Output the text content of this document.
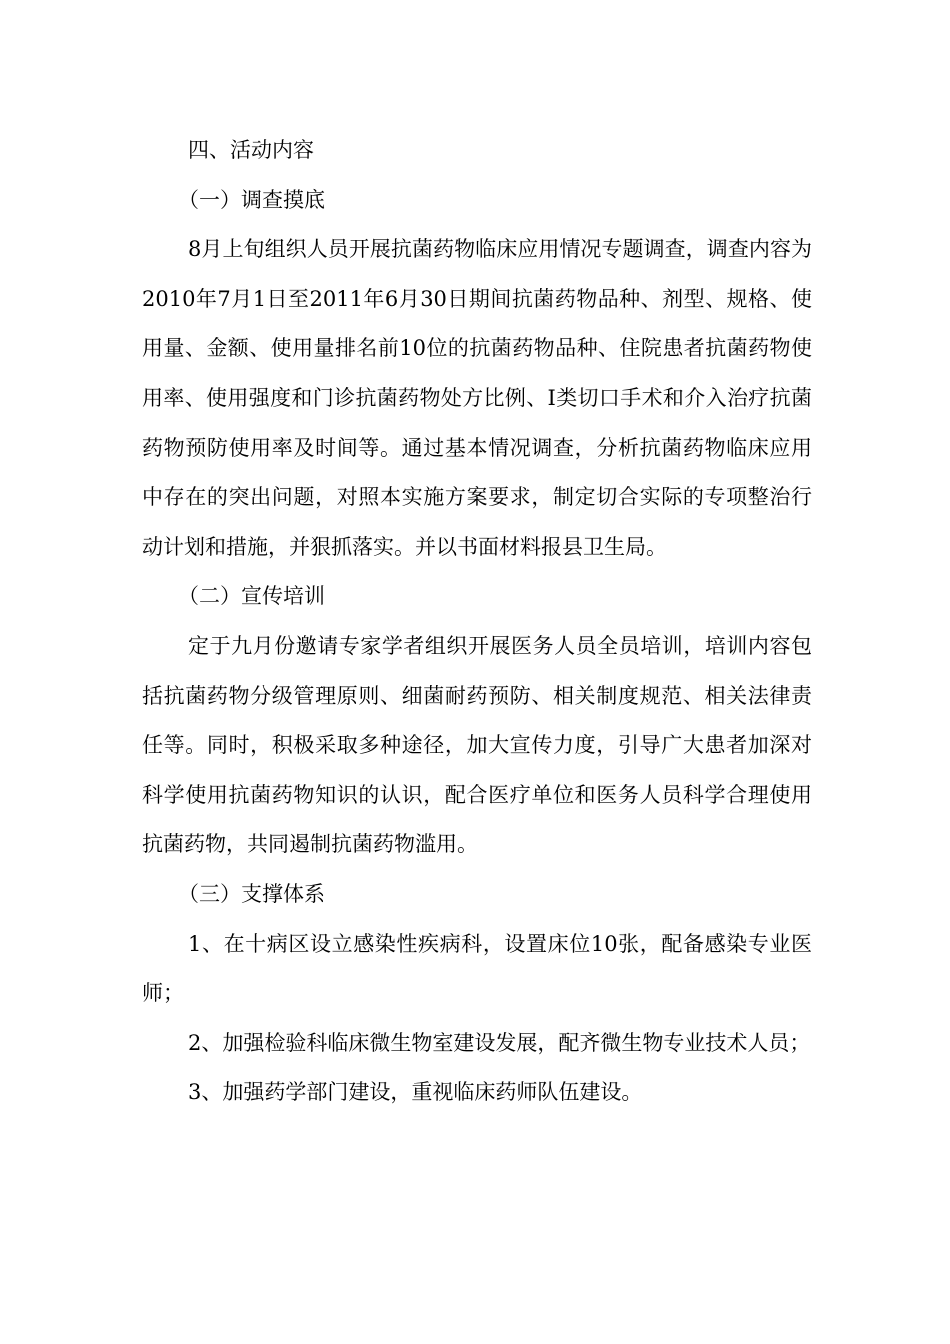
四、活动内容

（一）调查摸底

8月上旬组织人员开展抗菌药物临床应用情况专题调查，调查内容为2010年7月1日至2011年6月30日期间抗菌药物品种、剂型、规格、使用量、金额、使用量排名前10位的抗菌药物品种、住院患者抗菌药物使用率、使用强度和门诊抗菌药物处方比例、I类切口手术和介入治疗抗菌药物预防使用率及时间等。通过基本情况调查，分析抗菌药物临床应用中存在的突出问题，对照本实施方案要求，制定切合实际的专项整治行动计划和措施，并狠抓落实。并以书面材料报县卫生局。

（二）宣传培训

定于九月份邀请专家学者组织开展医务人员全员培训，培训内容包括抗菌药物分级管理原则、细菌耐药预防、相关制度规范、相关法律责任等。同时，积极采取多种途径，加大宣传力度，引导广大患者加深对科学使用抗菌药物知识的认识，配合医疗单位和医务人员科学合理使用抗菌药物，共同遏制抗菌药物滥用。

（三）支撑体系

1、在十病区设立感染性疾病科，设置床位10张，配备感染专业医师；

2、加强检验科临床微生物室建设发展，配齐微生物专业技术人员；

3、加强药学部门建设，重视临床药师队伍建设。
